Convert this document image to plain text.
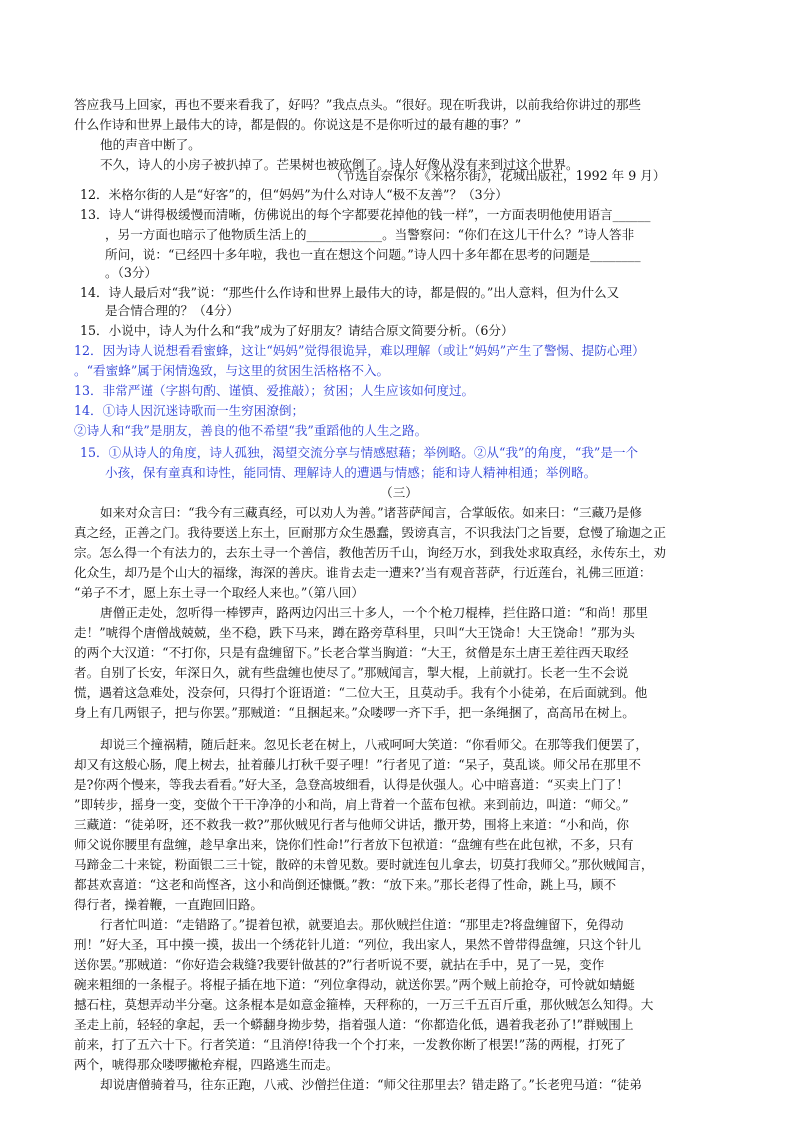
答应我马上回家，再也不要来看我了，好吗？”我点点头。“很好。现在听我讲，以前我给你讲过的那些
什么作诗和世界上最伟大的诗，都是假的。你说这是不是你听过的最有趣的事？”
他的声音中断了。
不久，诗人的小房子被扒掉了。芒果树也被砍倒了。诗人好像从没有来到过这个世界。
（节选自奈保尔《米格尔街》，花城出版社，1992 年 9 月）
12．米格尔街的人是“好客”的，但“妈妈”为什么对诗人“极不友善”？（3分）
13．诗人“讲得极缓慢而清晰，仿佛说出的每个字都要花掉他的钱一样”，一方面表明他使用语言______
，另一方面也暗示了他物质生活上的____________。当警察问：“你们在这儿干什么？”诗人答非
所问，说：“已经四十多年啦，我也一直在想这个问题。”诗人四十多年都在思考的问题是________
。（3分）
14．诗人最后对“我”说：“那些什么作诗和世界上最伟大的诗，都是假的。”出人意料，但为什么又
是合情合理的？（4分）
15．小说中，诗人为什么和“我”成为了好朋友？请结合原文简要分析。（6分）
12．因为诗人说想看看蜜蜂，这让“妈妈”觉得很诡异，难以理解（或让“妈妈”产生了警惕、提防心理）
。“看蜜蜂”属于闲情逸致，与这里的贫困生活格格不入。
13．非常严谨（字斟句酌、谨慎、爱推敲）；贫困；人生应该如何度过。
14．①诗人因沉迷诗歌而一生穷困潦倒；
②诗人和“我”是朋友，善良的他不希望“我”重蹈他的人生之路。
15．①从诗人的角度，诗人孤独，渴望交流分享与情感慰藉；举例略。②从“我”的角度，“我”是一个
小孩，保有童真和诗性，能同情、理解诗人的遭遇与情感；能和诗人精神相通；举例略。
（三）
如来对众言曰：“我今有三藏真经，可以劝人为善。”诸菩萨闻言，合掌皈依。如来曰：“三藏乃是修
真之经，正善之门。我待要送上东土，叵耐那方众生愚蠢，毁谤真言，不识我法门之旨要，怠慢了瑜迦之正
宗。怎么得一个有法力的，去东土寻一个善信，教他苦历千山，询经万水，到我处求取真经，永传东土，劝
化众生，却乃是个山大的福缘，海深的善庆。谁肯去走一遭来?’当有观音菩萨，行近莲台，礼佛三匝道：
“弟子不才，愿上东土寻一个取经人来也。”（第八回）
唐僧正走处，忽听得一棒锣声，路两边闪出三十多人，一个个枪刀棍棒，拦住路口道：“和尚！那里
走！”唬得个唐僧战兢兢，坐不稳，跌下马来，蹲在路旁草科里，只叫“大王饶命！大王饶命！”那为头
的两个大汉道：“不打你，只是有盘缠留下。”长老合掌当胸道：“大王，贫僧是东土唐王差往西天取经
者。自别了长安，年深日久，就有些盘缠也使尽了。”那贼闻言，掣大棍，上前就打。长老一生不会说
慌，遇着这急难处，没奈何，只得打个诳语道：“二位大王，且莫动手。我有个小徒弟，在后面就到。他
身上有几两银子，把与你罢。”那贼道：“且捆起来。”众喽啰一齐下手，把一条绳捆了，高高吊在树上。
却说三个撞祸精，随后赶来。忽见长老在树上，八戒呵呵大笑道：“你看师父。在那等我们便罢了，
却又有这般心肠，爬上树去，扯着藤儿打秋千耍子哩！”行者见了道：“呆子，莫乱谈。师父吊在那里不
是?你两个慢来，等我去看看。”好大圣，急登高坡细看，认得是伙强人。心中暗喜道：“买卖上门了！
”即转步，摇身一变，变做个干干净净的小和尚，肩上背着一个蓝布包袱。来到前边，叫道：“师父。”
三藏道：“徒弟呀，还不救我一救?”那伙贼见行者与他师父讲话，撒开势，围将上来道：“小和尚，你
师父说你腰里有盘缠，趁早拿出来，饶你们性命!”行者放下包袱道：“盘缠有些在此包袱，不多，只有
马蹄金二十来锭，粉面银二三十锭，散碎的未曾见数。要时就连包儿拿去，切莫打我师父。”那伙贼闻言，
都甚欢喜道：“这老和尚悭吝，这小和尚倒还慷慨。”教：“放下来。”那长老得了性命，跳上马，顾不
得行者，操着鞭，一直跑回旧路。
行者忙叫道：“走错路了。”提着包袱，就要追去。那伙贼拦住道：“那里走?将盘缠留下，免得动
刑！”好大圣，耳中摸一摸，拔出一个绣花针儿道：“列位，我出家人，果然不曾带得盘缠，只这个针儿
送你罢。”那贼道：“你好造会栽缝?我要针做甚的?”行者听说不要，就拈在手中，晃了一晃，变作
碗来粗细的一条棍子。将棍子插在地下道：“列位拿得动，就送你罢。”两个贼上前抢夺，可怜就如蜻蜓
撼石柱，莫想弄动半分毫。这条棍本是如意金箍棒，天秤称的，一万三千五百斤重，那伙贼怎么知得。大
圣走上前，轻轻的拿起，丢一个蟒翻身拗步势，指着强人道：“你都造化低，遇着我老孙了!”群贼围上
前来，打了五六十下。行者笑道：“且消停!待我一个个打来，一发教你断了根罢!”荡的两棍，打死了
两个，唬得那众喽啰撇枪弃棍，四路逃生而走。
却说唐僧骑着马，往东正跑，八戒、沙僧拦住道：“师父往那里去？错走路了。”长老兜马道：“徒弟
